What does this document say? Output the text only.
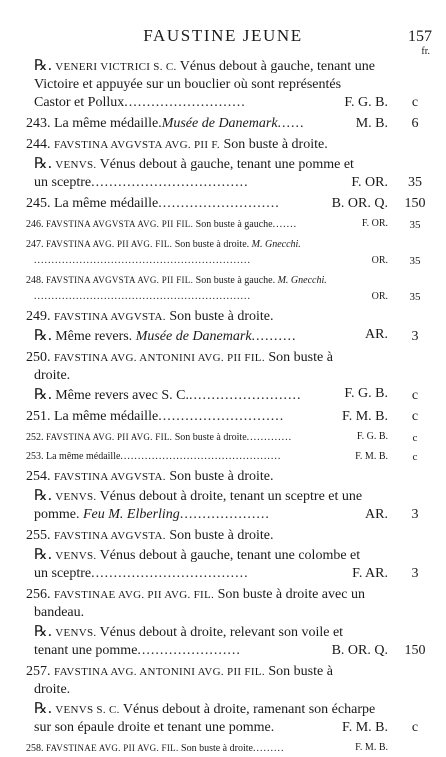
FAUSTINE JEUNE	157
fr.
℞. VENERI VICTRICI S. C. Vénus debout à gauche, tenant une
Victoire et appuyée sur un bouclier où sont représentés
Castor et Pollux...........................	F. G. B.	c
243. La même médaille.Musée de Danemark......	M. B.	6
244. FAVSTINA AVGVSTA AVG. PII F. Son buste à droite.
℞. VENVS. Vénus debout à gauche, tenant une pomme et
un sceptre...................................	F. OR.	35
245. La même médaille...........................	B. OR. Q.	150
246. FAVSTINA AVGVSTA AVG. PII FIL. Son buste à gauche.......	F. OR.	35
247. FAVSTINA AVG. PII AVG. FIL. Son buste à droite. M. Gnecchi.
..............................................................	OR.	35
248. FAVSTINA AVGVSTA AVG. PII FIL. Son buste à gauche. M. Gnecchi.
..............................................................	OR.	35
249. FAVSTINA AVGVSTA. Son buste à droite.
℞. Même revers. Musée de Danemark..........	AR.	3
250. FAVSTINA AVG. ANTONINI AVG. PII FIL. Son buste à
droite.
℞. Même revers avec S. C..........................	F. G. B.	c
251. La même médaille............................	F. M. B.	c
252. FAVSTINA AVG. PII AVG. FIL. Son buste à droite.............	F. G. B.	c
253. La même médaille..............................................	F. M. B.	c
254. FAVSTINA AVGVSTA. Son buste à droite.
℞. VENVS. Vénus debout à droite, tenant un sceptre et une
pomme. Feu M. Elberling....................	AR.	3
255. FAVSTINA AVGVSTA. Son buste à droite.
℞. VENVS. Vénus debout à gauche, tenant une colombe et
un sceptre...................................	F. AR.	3
256. FAVSTINAE AVG. PII AVG. FIL. Son buste à droite avec un
bandeau.
℞. VENVS. Vénus debout à droite, relevant son voile et
tenant une pomme.......................	B. OR. Q.	150
257. FAVSTINA AVG. ANTONINI AVG. PII FIL. Son buste à
droite.
℞. VENVS S. C. Vénus debout à droite, ramenant son écharpe
sur son épaule droite et tenant une pomme.	F. M. B.	c
258. FAVSTINAE AVG. PII AVG. FIL. Son buste à droite.........	F. M. B.
